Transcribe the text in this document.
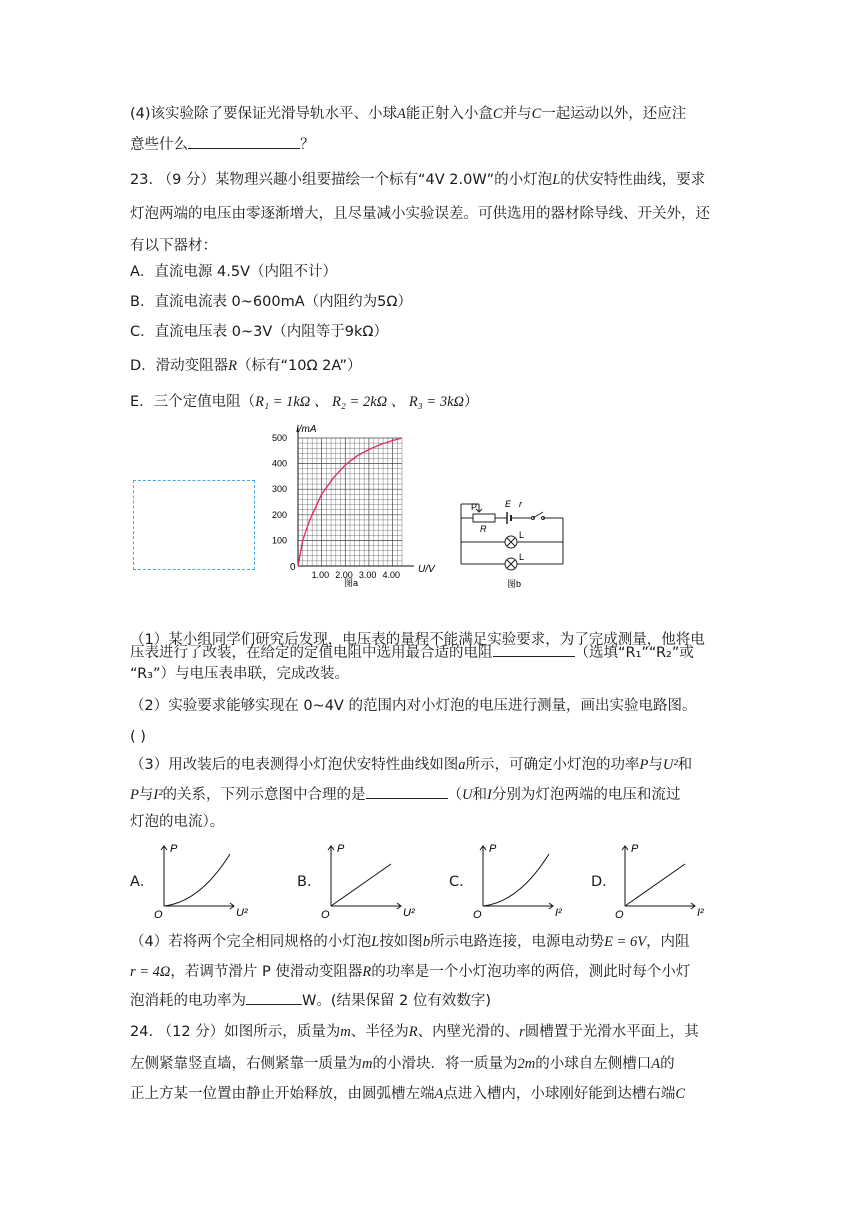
(4)该实验除了要保证光滑导轨水平、小球A能正射入小盒C并与C一起运动以外，还应注
意些什么	？
23. （9 分）某物理兴趣小组要描绘一个标有“4V 2.0W”的小灯泡L的伏安特性曲线，要求
灯泡两端的电压由零逐渐增大，且尽量减小实验误差。可供选用的器材除导线、开关外，还
有以下器材：
A．直流电源 4.5V（内阻不计）
B．直流电流表 0~600mA（内阻约为5Ω）
C．直流电压表 0~3V（内阻等于9kΩ）
D．滑动变阻器R（标有“10Ω 2A”）
E．三个定值电阻（R₁ = 1kΩ 、 R₂ = 2kΩ 、 R₃ = 3kΩ）
I/mA
U/V
500
400
300
200
100
1.00 2.00 3.00 4.00
0
图a
P
R
E r
L
L
图b
（1）某小组同学们研究后发现，电压表的量程不能满足实验要求，为了完成测量，他将电
压表进行了改装，在给定的定值电阻中选用最合适的电阻	（选填“R₁”“R₂”或
“R₃”）与电压表串联，完成改装。
（2）实验要求能够实现在 0~4V 的范围内对小灯泡的电压进行测量，画出实验电路图。
( )
（3）用改装后的电表测得小灯泡伏安特性曲线如图a所示，可确定小灯泡的功率P与U²和
P与I²的关系，下列示意图中合理的是	（U和I分别为灯泡两端的电压和流过
灯泡的电流）。
A．
P
O	U²
B．
P
O	U²
C．
P
O	I²
D．
P
O	I²
（4）若将两个完全相同规格的小灯泡L按如图b所示电路连接，电源电动势E = 6V，内阻
r = 4Ω，若调节滑片 P 使滑动变阻器R的功率是一个小灯泡功率的两倍，测此时每个小灯
泡消耗的电功率为	W。(结果保留 2 位有效数字)
24. （12 分）如图所示，质量为m、半径为R、内壁光滑的、r圆槽置于光滑水平面上，其
左侧紧靠竖直墙，右侧紧靠一质量为m的小滑块．将一质量为2m的小球自左侧槽口A的
正上方某一位置由静止开始释放，由圆弧槽左端A点进入槽内，小球刚好能到达槽右端C
